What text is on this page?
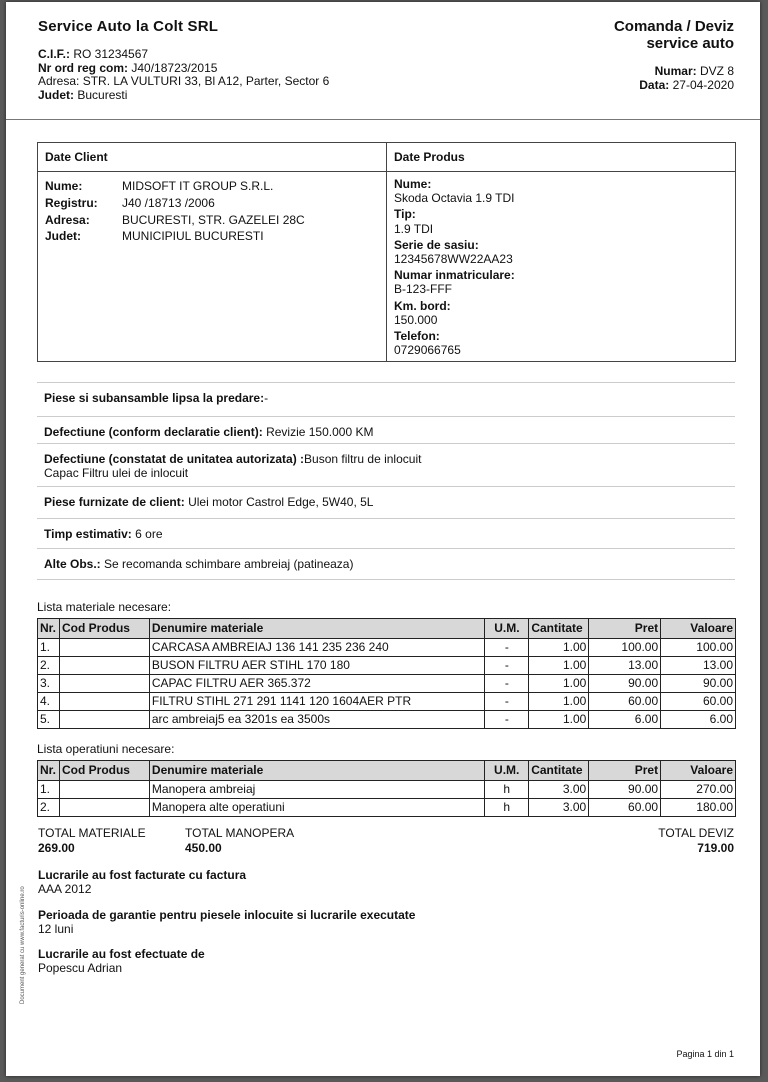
Service Auto la Colt SRL
C.I.F.: RO 31234567
Nr ord reg com: J40/18723/2015
Adresa: STR. LA VULTURI 33, Bl A12, Parter, Sector 6
Judet: Bucuresti
Comanda / Deviz
service auto
Numar: DVZ 8
Data: 27-04-2020
Date Client
Nume:	MIDSOFT IT GROUP S.R.L.
Registru: J40 /18713 /2006
Adresa:	BUCURESTI, STR. GAZELEI 28C
Judet:	MUNICIPIUL BUCURESTI
Date Produs
Nume:
Skoda Octavia 1.9 TDI
Tip:
1.9 TDI
Serie de sasiu:
12345678WW22AA23
Numar inmatriculare:
B-123-FFF
Km. bord:
150.000
Telefon:
0729066765
Piese si subansamble lipsa la predare:-
Defectiune (conform declaratie client): Revizie 150.000 KM
Defectiune (constatat de unitatea autorizata) :Buson filtru de inlocuit
Capac Filtru ulei de inlocuit
Piese furnizate de client: Ulei motor Castrol Edge, 5W40, 5L
Timp estimativ: 6 ore
Alte Obs.: Se recomanda schimbare ambreiaj (patineaza)
Lista materiale necesare:
Nr.	Cod Produs	Denumire materiale	U.M.	Cantitate	Pret	Valoare
1.		CARCASA AMBREIAJ 136 141 235 236 240	-	1.00	100.00	100.00
2.		BUSON FILTRU AER STIHL 170 180	-	1.00	13.00	13.00
3.		CAPAC FILTRU AER 365.372	-	1.00	90.00	90.00
4.		FILTRU STIHL 271 291 1141 120 1604AER PTR	-	1.00	60.00	60.00
5.		arc ambreiaj5 ea 3201s ea 3500s	-	1.00	6.00	6.00
Lista operatiuni necesare:
Nr.	Cod Produs	Denumire materiale	U.M.	Cantitate	Pret	Valoare
1.		Manopera ambreiaj	h	3.00	90.00	270.00
2.		Manopera alte operatiuni	h	3.00	60.00	180.00
TOTAL MATERIALE
269.00
TOTAL MANOPERA
450.00
TOTAL DEVIZ
719.00
Lucrarile au fost facturate cu factura
AAA 2012
Perioada de garantie pentru piesele inlocuite si lucrarile executate
12 luni
Lucrarile au fost efectuate de
Popescu Adrian
Document generat cu www.facturis-online.ro
Pagina 1 din 1
